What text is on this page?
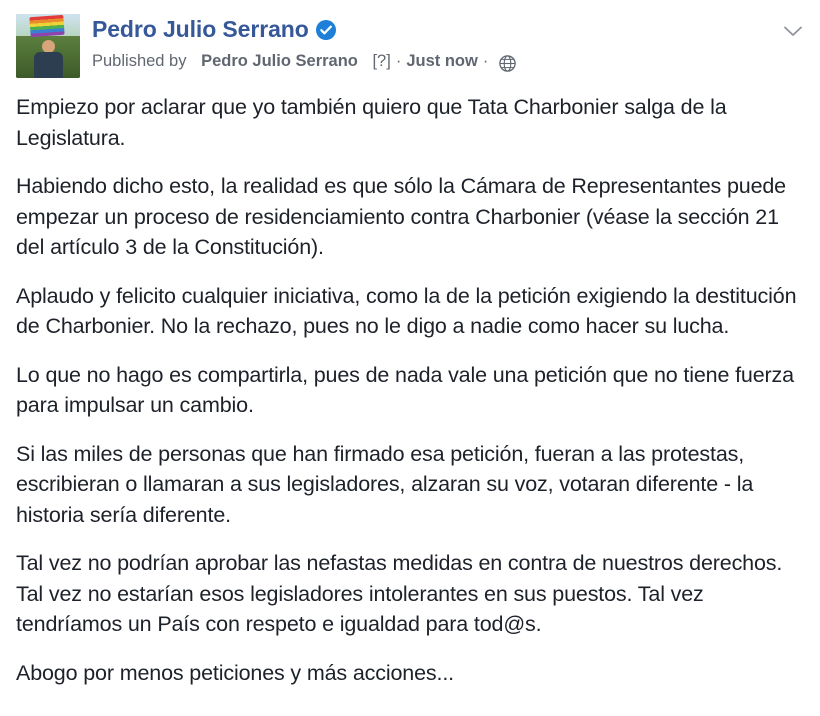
Pedro Julio Serrano
Published by
Pedro Julio Serrano
[?] · Just now ·

Empiezo por aclarar que yo también quiero que Tata Charbonier salga de la Legislatura.

Habiendo dicho esto, la realidad es que sólo la Cámara de Representantes puede empezar un proceso de residenciamiento contra Charbonier (véase la sección 21 del artículo 3 de la Constitución).

Aplaudo y felicito cualquier iniciativa, como la de la petición exigiendo la destitución de Charbonier. No la rechazo, pues no le digo a nadie como hacer su lucha.

Lo que no hago es compartirla, pues de nada vale una petición que no tiene fuerza para impulsar un cambio.

Si las miles de personas que han firmado esa petición, fueran a las protestas, escribieran o llamaran a sus legisladores, alzaran su voz, votaran diferente - la historia sería diferente.

Tal vez no podrían aprobar las nefastas medidas en contra de nuestros derechos. Tal vez no estarían esos legisladores intolerantes en sus puestos. Tal vez tendríamos un País con respeto e igualdad para tod@s.

Abogo por menos peticiones y más acciones...
